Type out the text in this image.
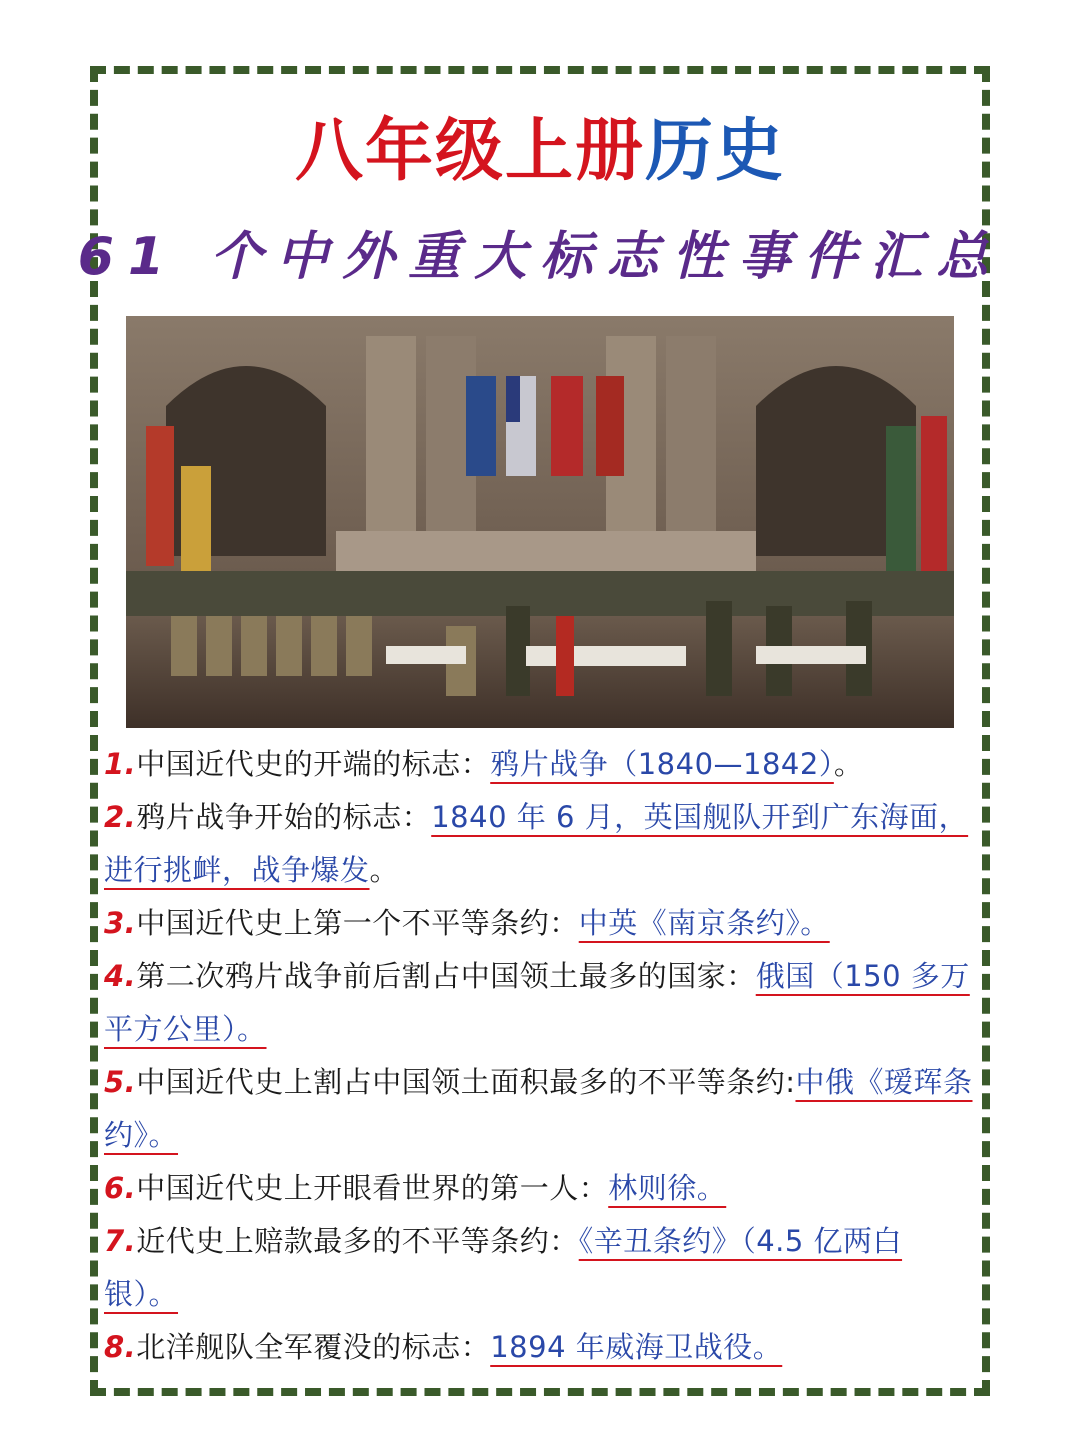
八年级上册历史
61 个中外重大标志性事件汇总
1.中国近代史的开端的标志：鸦片战争（1840—1842）。
2.鸦片战争开始的标志：1840 年 6 月，英国舰队开到广东海面，进行挑衅，战争爆发。
3.中国近代史上第一个不平等条约：中英《南京条约》。
4.第二次鸦片战争前后割占中国领土最多的国家：俄国（150 多万平方公里）。
5.中国近代史上割占中国领土面积最多的不平等条约:中俄《瑷珲条约》。
6.中国近代史上开眼看世界的第一人：林则徐。
7.近代史上赔款最多的不平等条约：《辛丑条约》（4.5 亿两白银）。
8.北洋舰队全军覆没的标志：1894 年威海卫战役。
